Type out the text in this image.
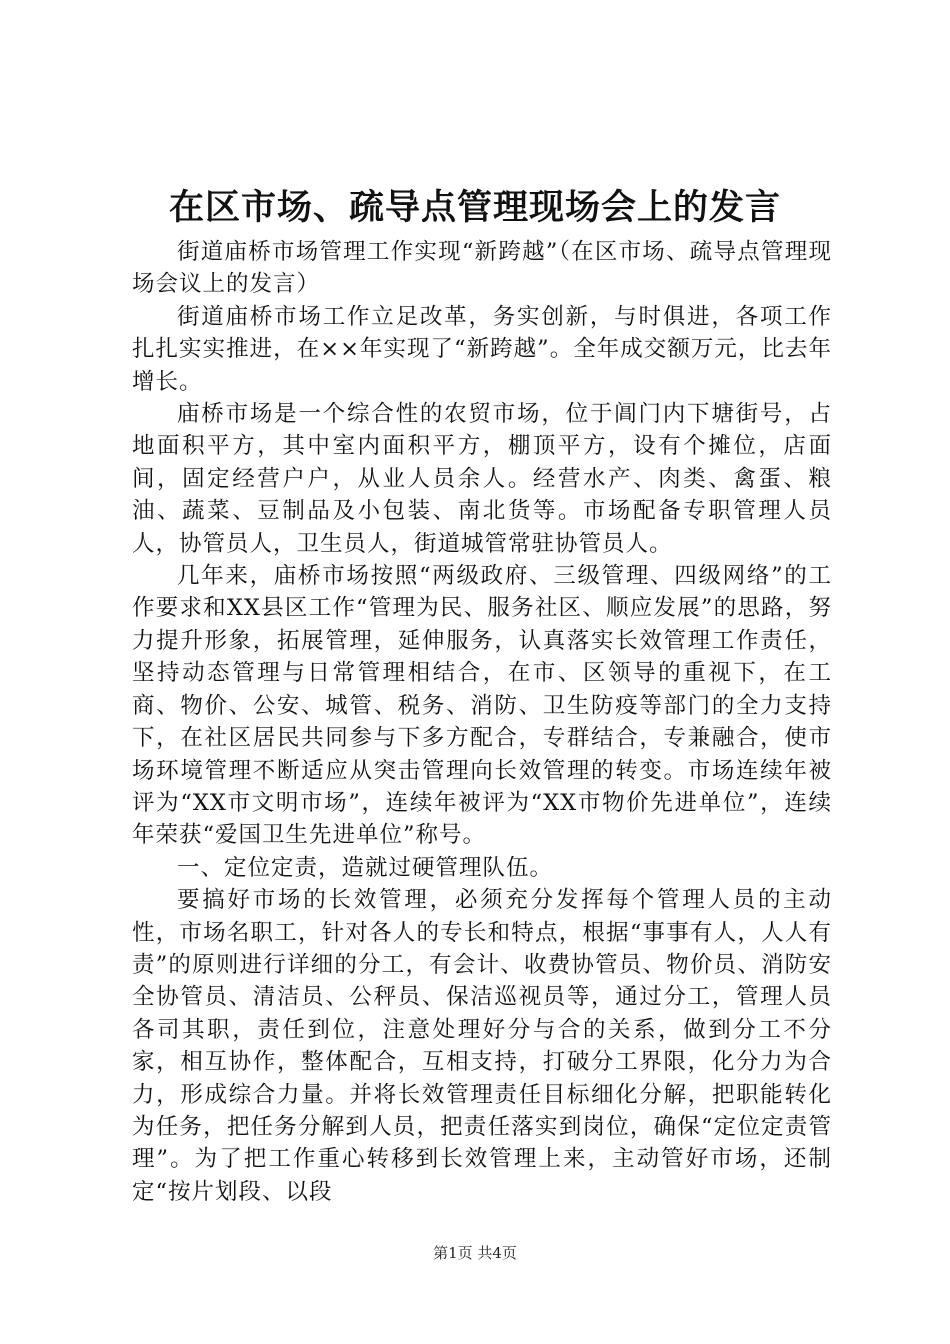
在区市场、疏导点管理现场会上的发言

街道庙桥市场管理工作实现“新跨越”（在区市场、疏导点管理现场会议上的发言）

街道庙桥市场工作立足改革，务实创新，与时俱进，各项工作扎扎实实推进，在××年实现了“新跨越”。全年成交额万元，比去年增长。

庙桥市场是一个综合性的农贸市场，位于阊门内下塘街号，占地面积平方，其中室内面积平方，棚顶平方，设有个摊位，店面间，固定经营户户，从业人员余人。经营水产、肉类、禽蛋、粮油、蔬菜、豆制品及小包装、南北货等。市场配备专职管理人员人，协管员人，卫生员人，街道城管常驻协管员人。

几年来，庙桥市场按照“两级政府、三级管理、四级网络”的工作要求和XX县区工作“管理为民、服务社区、顺应发展”的思路，努力提升形象，拓展管理，延伸服务，认真落实长效管理工作责任，坚持动态管理与日常管理相结合，在市、区领导的重视下，在工商、物价、公安、城管、税务、消防、卫生防疫等部门的全力支持下，在社区居民共同参与下多方配合，专群结合，专兼融合，使市场环境管理不断适应从突击管理向长效管理的转变。市场连续年被评为“XX市文明市场”，连续年被评为“XX市物价先进单位”，连续年荣获“爱国卫生先进单位”称号。

一、定位定责，造就过硬管理队伍。

要搞好市场的长效管理，必须充分发挥每个管理人员的主动性，市场名职工，针对各人的专长和特点，根据“事事有人，人人有责”的原则进行详细的分工，有会计、收费协管员、物价员、消防安全协管员、清洁员、公秤员、保洁巡视员等，通过分工，管理人员各司其职，责任到位，注意处理好分与合的关系，做到分工不分家，相互协作，整体配合，互相支持，打破分工界限，化分力为合力，形成综合力量。并将长效管理责任目标细化分解，把职能转化为任务，把任务分解到人员，把责任落实到岗位，确保“定位定责管理”。为了把工作重心转移到长效管理上来，主动管好市场，还制定“按片划段、以段

第1页 共4页
